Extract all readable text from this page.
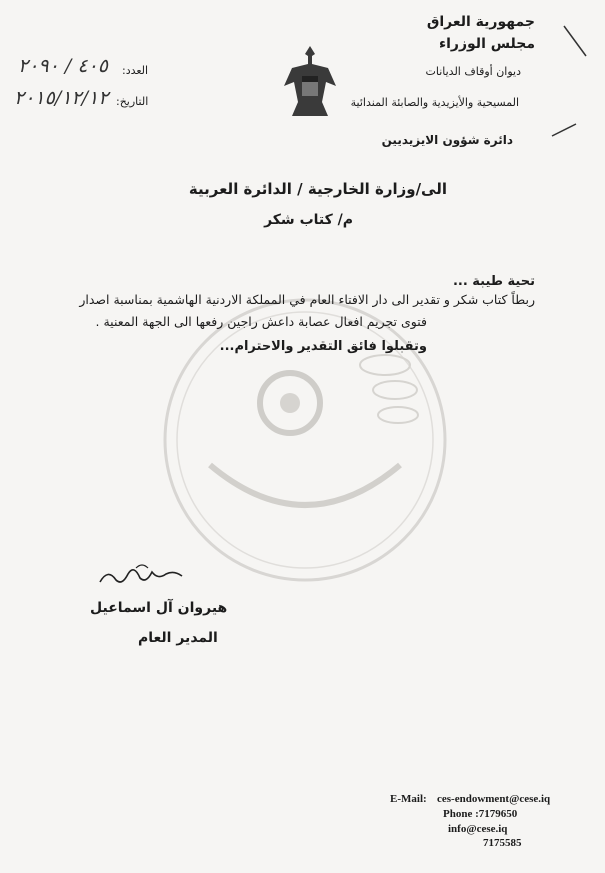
جمهورية العراق
مجلس الوزراء
ديوان أوقاف الديانات
المسيحية والأيزيدية والصابئة المندائية
دائرة شؤون الايزيديين
العدد:
٤٠٥ / ٢٠٩٠
التاريخ:
٢٠١٥/١٢/١٢
الى/وزارة الخارجية / الدائرة العربية
م/ كتاب شكر
تحية طيبة ...
ربطاً كتاب شكر و تقدير الى دار الافتاء العام في المملكة الاردنية الهاشمية بمناسبة اصدار
فتوى تجريم افعال عصابة داعش راجين رفعها الى الجهة المعنية .
وتقبلوا فائق التقدير والاحترام...
هيروان آل اسماعيل
المدير العام
E-Mail: ces-endowment@cese.iq
Phone :7179650
info@cese.iq
7175585
